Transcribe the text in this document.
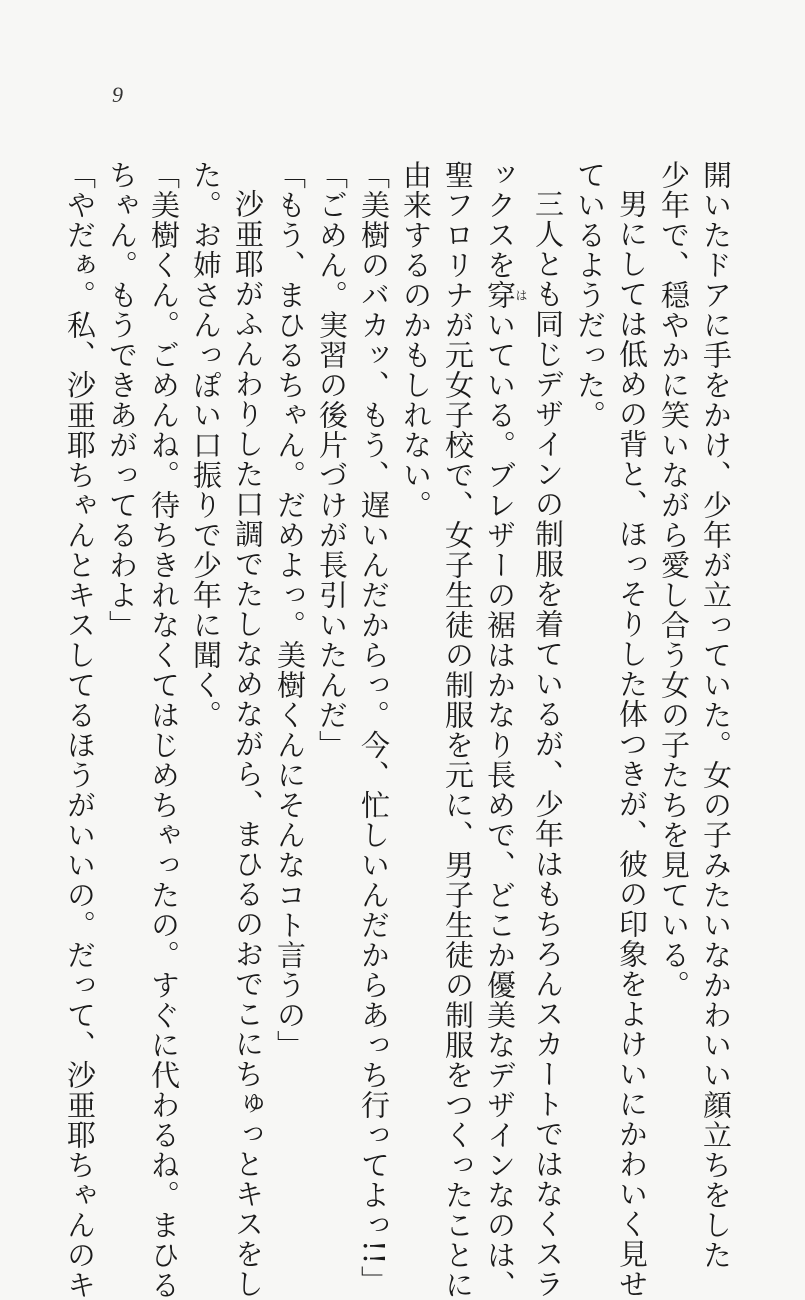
9

開いたドアに手をかけ、少年が立っていた。女の子みたいなかわいい顔立ちをした

少年で、穏やかに笑いながら愛し合う女の子たちを見ている。

男にしては低めの背と、ほっそりした体つきが、彼の印象をよけいにかわいく見せ

ているようだった。

三人とも同じデザインの制服を着ているが、少年はもちろんスカートではなくスラ

ックスを穿はいている。ブレザーの裾はかなり長めで、どこか優美なデザインなのは、

聖フロリナが元女子校で、女子生徒の制服を元に、男子生徒の制服をつくったことに

由来するのかもしれない。

「美樹のバカッ、もう、遅いんだからっ。今、忙しいんだからあっち行ってよっ!!」

「ごめん。実習の後片づけが長引いたんだ」

「もう、まひるちゃん。だめよっ。美樹くんにそんなコト言うの」

沙亜耶がふんわりした口調でたしなめながら、まひるのおでこにちゅっとキスをし

た。お姉さんっぽい口振りで少年に聞く。

「美樹くん。ごめんね。待ちきれなくてはじめちゃったの。すぐに代わるね。まひる

ちゃん。もうできあがってるわよ」

「やだぁ。私、沙亜耶ちゃんとキスしてるほうがいいの。だって、沙亜耶ちゃんのキ
